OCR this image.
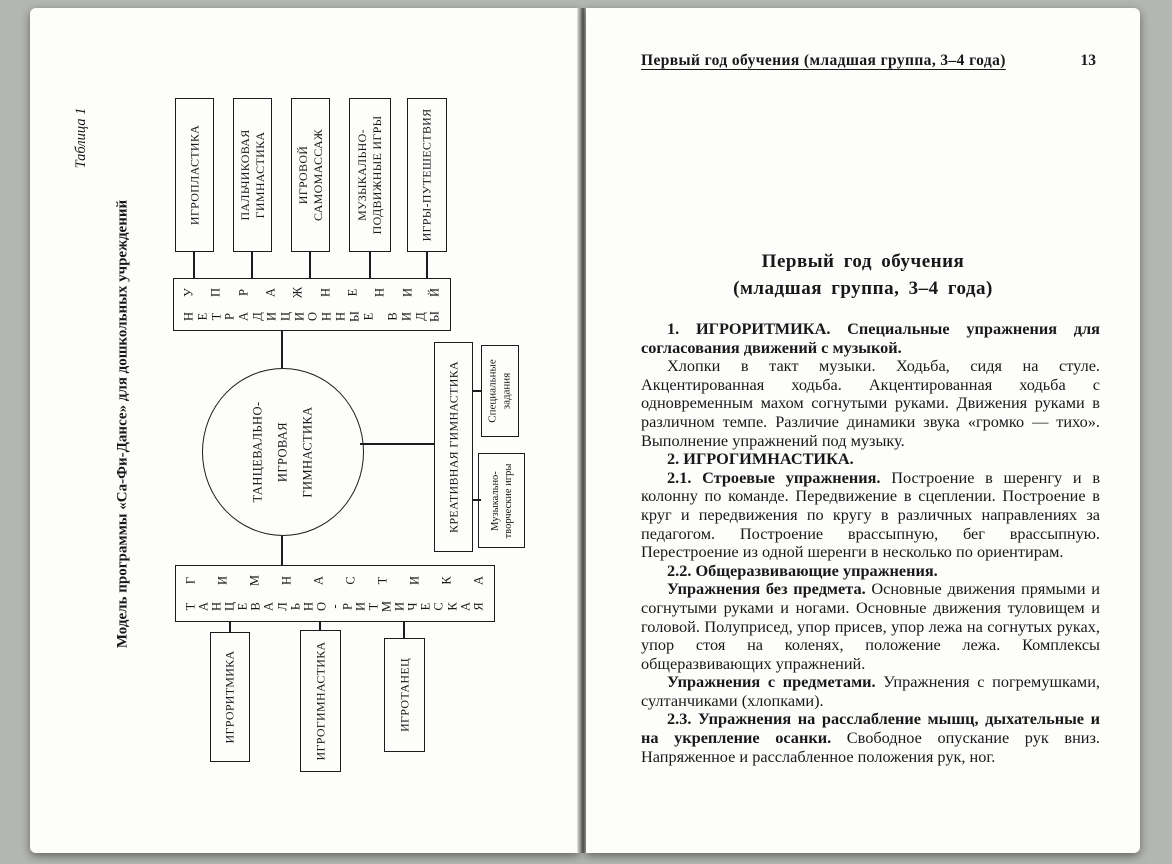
Таблица 1
Модель программы «Са-Фи-Дансе» для дошкольных учреждений
ИГРОПЛАСТИКА	ПАЛЬЧИКОВАЯ ГИМНАСТИКА ИГРОВОЙ САМОМАССАЖ	МУЗЫКАЛЬНО-ПОДВИЖНЫЕ ИГРЫ	ИГРЫ-ПУТЕШЕСТВИЯ
У П Р А Ж Н Е Н И Й
Н Е Т Р А Д И Ц И О Н Н Ы Е В И Д Ы
ТАНЦЕВАЛЬНО- ИГРОВАЯ ГИМНАСТИКА	КРЕАТИВНАЯ ГИМНАСТИКА Специальные задания
Музыкально-творческие игры
Г И М Н А С Т И К А
Т А Н Ц Е В А Л Ь Н О - Р И Т М И Ч Е С К А Я
ИГРОРИТМИКА	ИГРОГИМНАСТИКА	ИГРОТАНЕЦ
Первый год обучения (младшая группа, 3–4 года)	13
Первый год обучения
(младшая группа, 3–4 года)

1. ИГРОРИТМИКА. Специальные упражнения для согласования движений с музыкой.

Хлопки в такт музыки. Ходьба, сидя на стуле. Акцентированная ходьба. Акцентированная ходьба с одновременным махом согнутыми руками. Движения руками в различном темпе. Различие динамики звука «громко — тихо». Выполнение упражнений под музыку.

2. ИГРОГИМНАСТИКА.

2.1. Строевые упражнения. Построение в шеренгу и в колонну по команде. Передвижение в сцеплении. Построение в круг и передвижения по кругу в различных направлениях за педагогом. Построение врассыпную, бег врассыпную. Перестроение из одной шеренги в несколько по ориентирам.

2.2. Общеразвивающие упражнения.

Упражнения без предмета. Основные движения прямыми и согнутыми руками и ногами. Основные движения туловищем и головой. Полуприсед, упор присев, упор лежа на согнутых руках, упор стоя на коленях, положение лежа. Комплексы общеразвивающих упражнений.

Упражнения с предметами. Упражнения с погремушками, султанчиками (хлопками).

2.3. Упражнения на расслабление мышц, дыхательные и на укрепление осанки. Свободное опускание рук вниз. Напряженное и расслабленное положения рук, ног.
